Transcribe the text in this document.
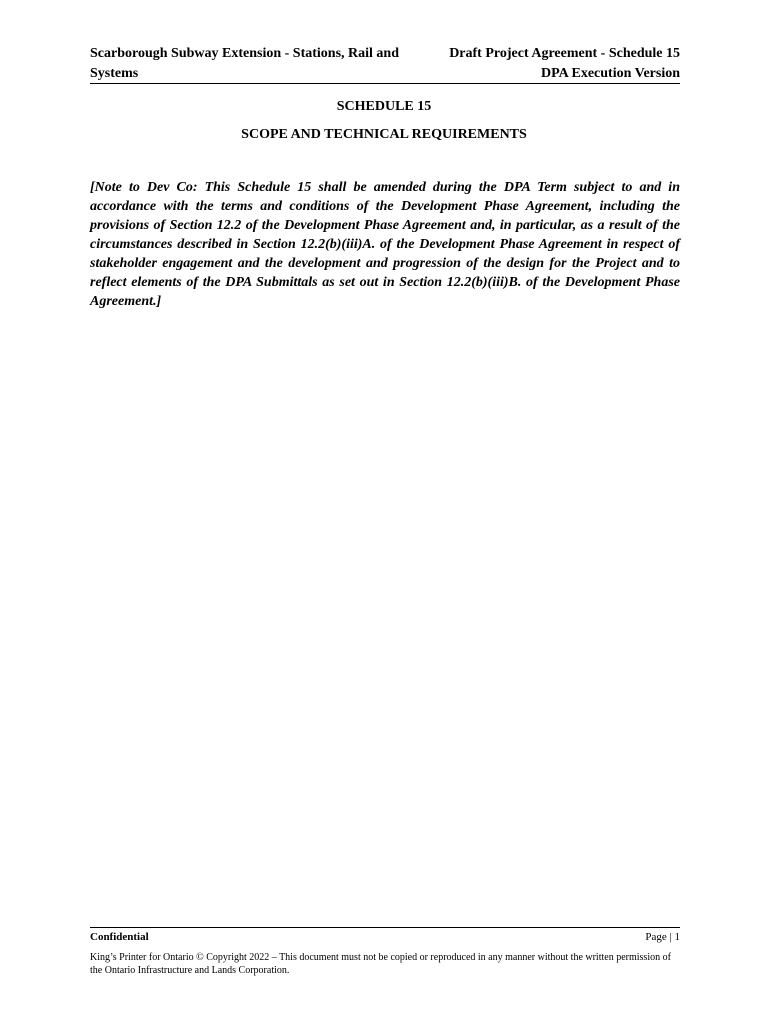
Scarborough Subway Extension - Stations, Rail and
Systems
Draft Project Agreement - Schedule 15
DPA Execution Version
SCHEDULE 15
SCOPE AND TECHNICAL REQUIREMENTS
[Note to Dev Co: This Schedule 15 shall be amended during the DPA Term subject to and in accordance with the terms and conditions of the Development Phase Agreement, including the provisions of Section 12.2 of the Development Phase Agreement and, in particular, as a result of the circumstances described in Section 12.2(b)(iii)A. of the Development Phase Agreement in respect of stakeholder engagement and the development and progression of the design for the Project and to reflect elements of the DPA Submittals as set out in Section 12.2(b)(iii)B. of the Development Phase Agreement.]
Confidential	Page | 1
King’s Printer for Ontario © Copyright 2022 – This document must not be copied or reproduced in any manner without the written permission of the Ontario Infrastructure and Lands Corporation.
